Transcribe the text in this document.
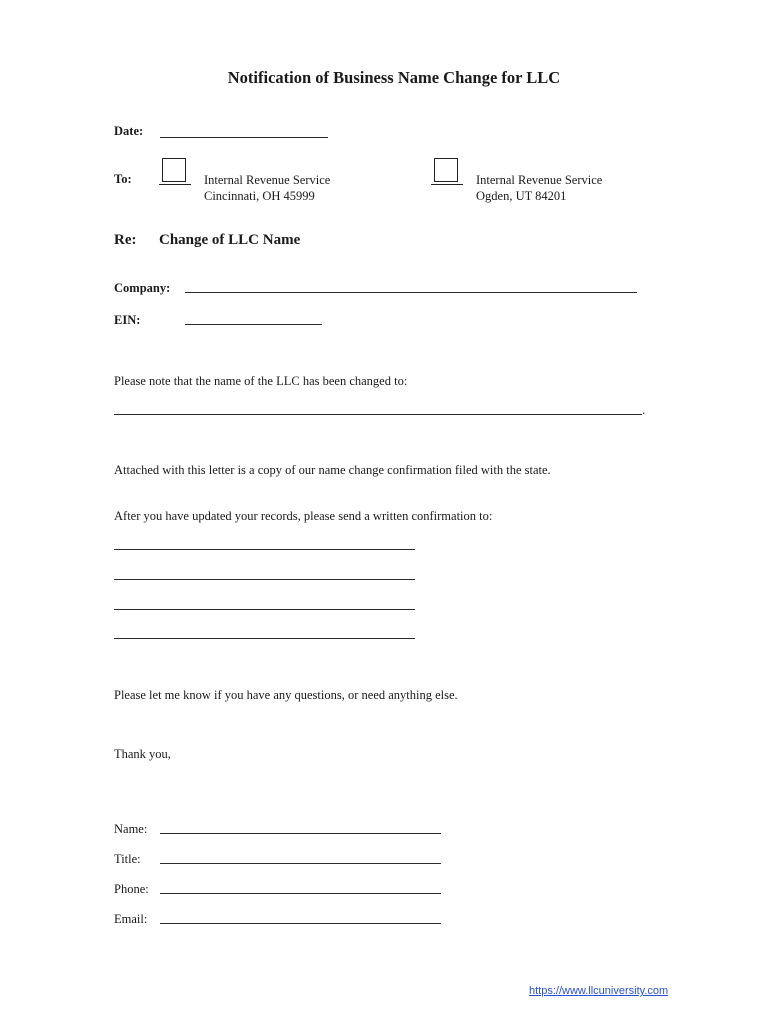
Notification of Business Name Change for LLC
Date:
To:	Internal Revenue Service
Cincinnati, OH 45999
Internal Revenue Service
Ogden, UT 84201
Re: Change of LLC Name
Company:
EIN:
Please note that the name of the LLC has been changed to:
.
Attached with this letter is a copy of our name change confirmation filed with the state.
After you have updated your records, please send a written confirmation to:
Please let me know if you have any questions, or need anything else.
Thank you,
Name:
Title:
Phone:
Email:
https://www.llcuniversity.com
